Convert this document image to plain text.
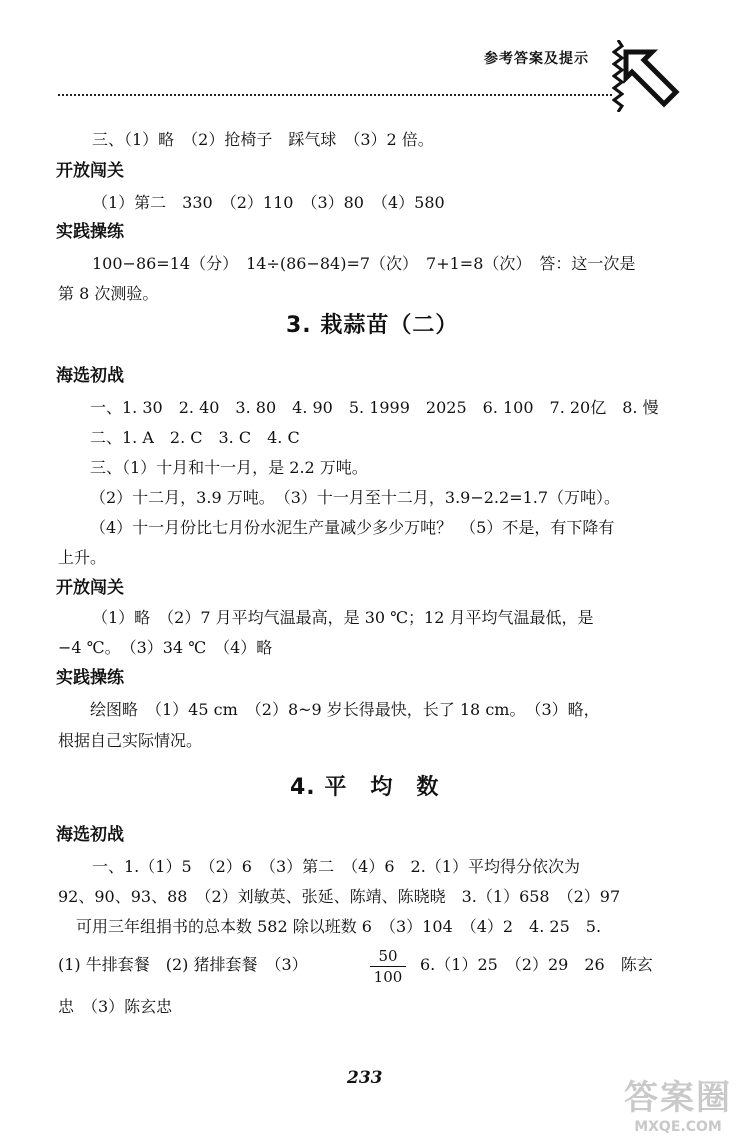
参考答案及提示
三、（1）略　（2）抢椅子　踩气球　（3）2 倍。
开放闯关
（1）第二　330　（2）110　（3）80　（4）580
实践操练
100−86=14（分）　14÷(86−84)=7（次）　7+1=8（次）　答：这一次是
第 8 次测验。
3. 栽蒜苗（二）
海选初战
一、1. 30　2. 40　3. 80　4. 90　5. 1999　2025　6. 100　7. 20亿　8. 慢
二、1. A　2. C　3. C　4. C
三、（1）十月和十一月，是 2.2 万吨。
（2）十二月，3.9 万吨。　（3）十一月至十二月，3.9−2.2=1.7（万吨）。
（4）十一月份比七月份水泥生产量减少多少万吨？　（5）不是，有下降有
上升。
开放闯关
（1）略　（2）7 月平均气温最高，是 30 ℃；12 月平均气温最低，是
−4 ℃。　（3）34 ℃　（4）略
实践操练
绘图略　（1）45 cm　（2）8~9 岁长得最快，长了 18 cm。　（3）略，
根据自己实际情况。
4. 平　均　数
海选初战
一、1.（1）5　（2）6　（3）第二　（4）6　2.（1）平均得分依次为
92、90、93、88　（2）刘敏英、张延、陈靖、陈晓晓　3.（1）658　（2）97
可用三年组捐书的总本数 582 除以班数 6　（3）104　（4）2　4. 25　5.
(1) 牛排套餐　(2) 猪排套餐　（3）	$\frac{50}{100} 6.(1)25$　（2）29　26　陈玄
忠　（3）陈玄忠
233	答案圈
MXQE.COM
